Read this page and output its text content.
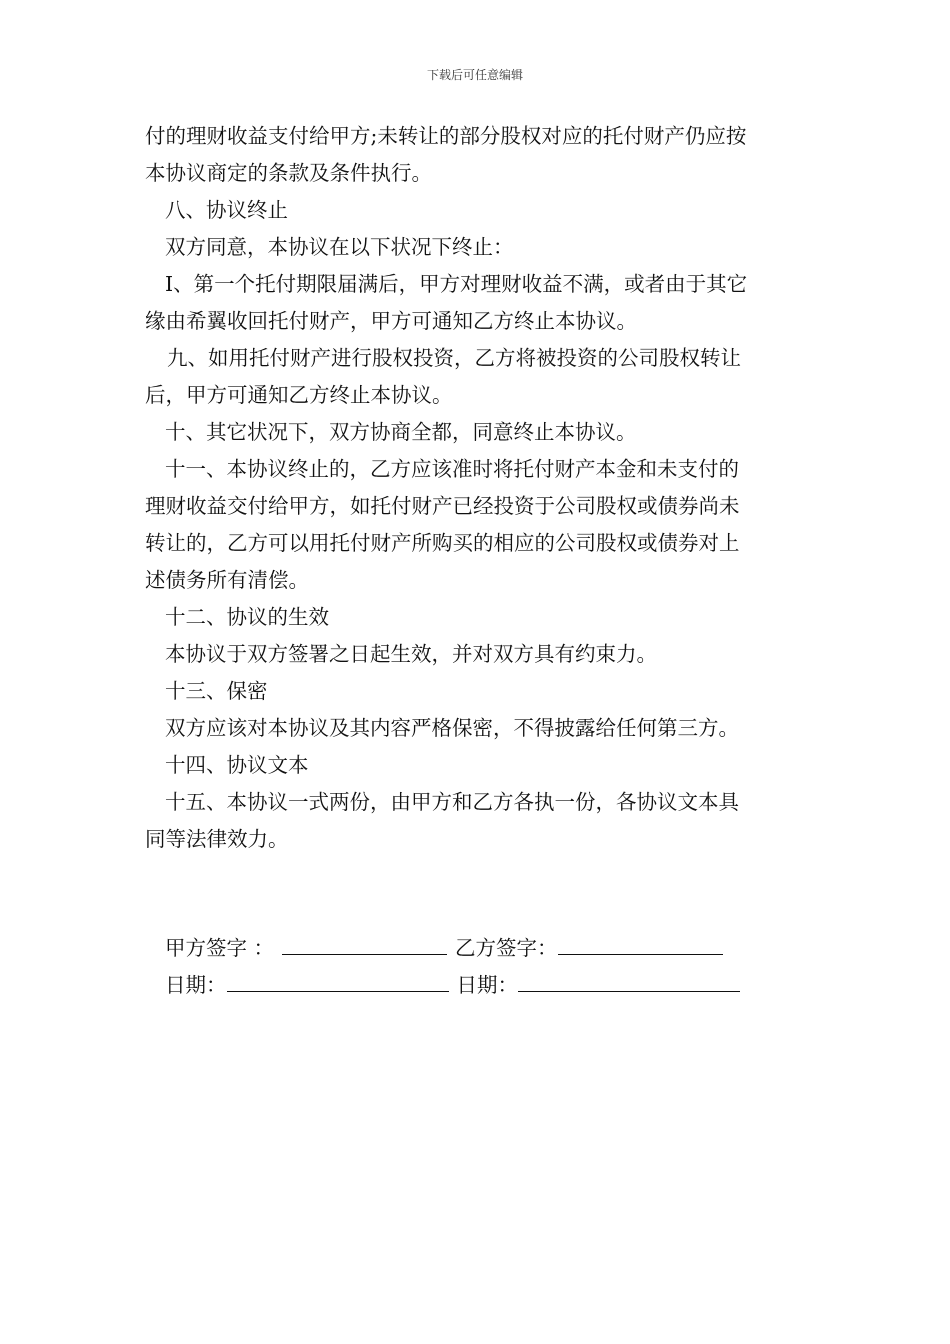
下载后可任意编辑
付的理财收益支付给甲方;未转让的部分股权对应的托付财产仍应按
本协议商定的条款及条件执行。
八、协议终止
双方同意，本协议在以下状况下终止：
I、第一个托付期限届满后，甲方对理财收益不满，或者由于其它
缘由希翼收回托付财产，甲方可通知乙方终止本协议。
九、如用托付财产进行股权投资，乙方将被投资的公司股权转让
后，甲方可通知乙方终止本协议。
十、其它状况下，双方协商全都，同意终止本协议。
十一、本协议终止的，乙方应该准时将托付财产本金和未支付的
理财收益交付给甲方，如托付财产已经投资于公司股权或债券尚未
转让的，乙方可以用托付财产所购买的相应的公司股权或债券对上
述债务所有清偿。
十二、协议的生效
本协议于双方签署之日起生效，并对双方具有约束力。
十三、保密
双方应该对本协议及其内容严格保密，不得披露给任何第三方。
十四、协议文本
十五、本协议一式两份，由甲方和乙方各执一份，各协议文本具
同等法律效力。
甲方签字 ：	乙方签字：
日期：	日期：
